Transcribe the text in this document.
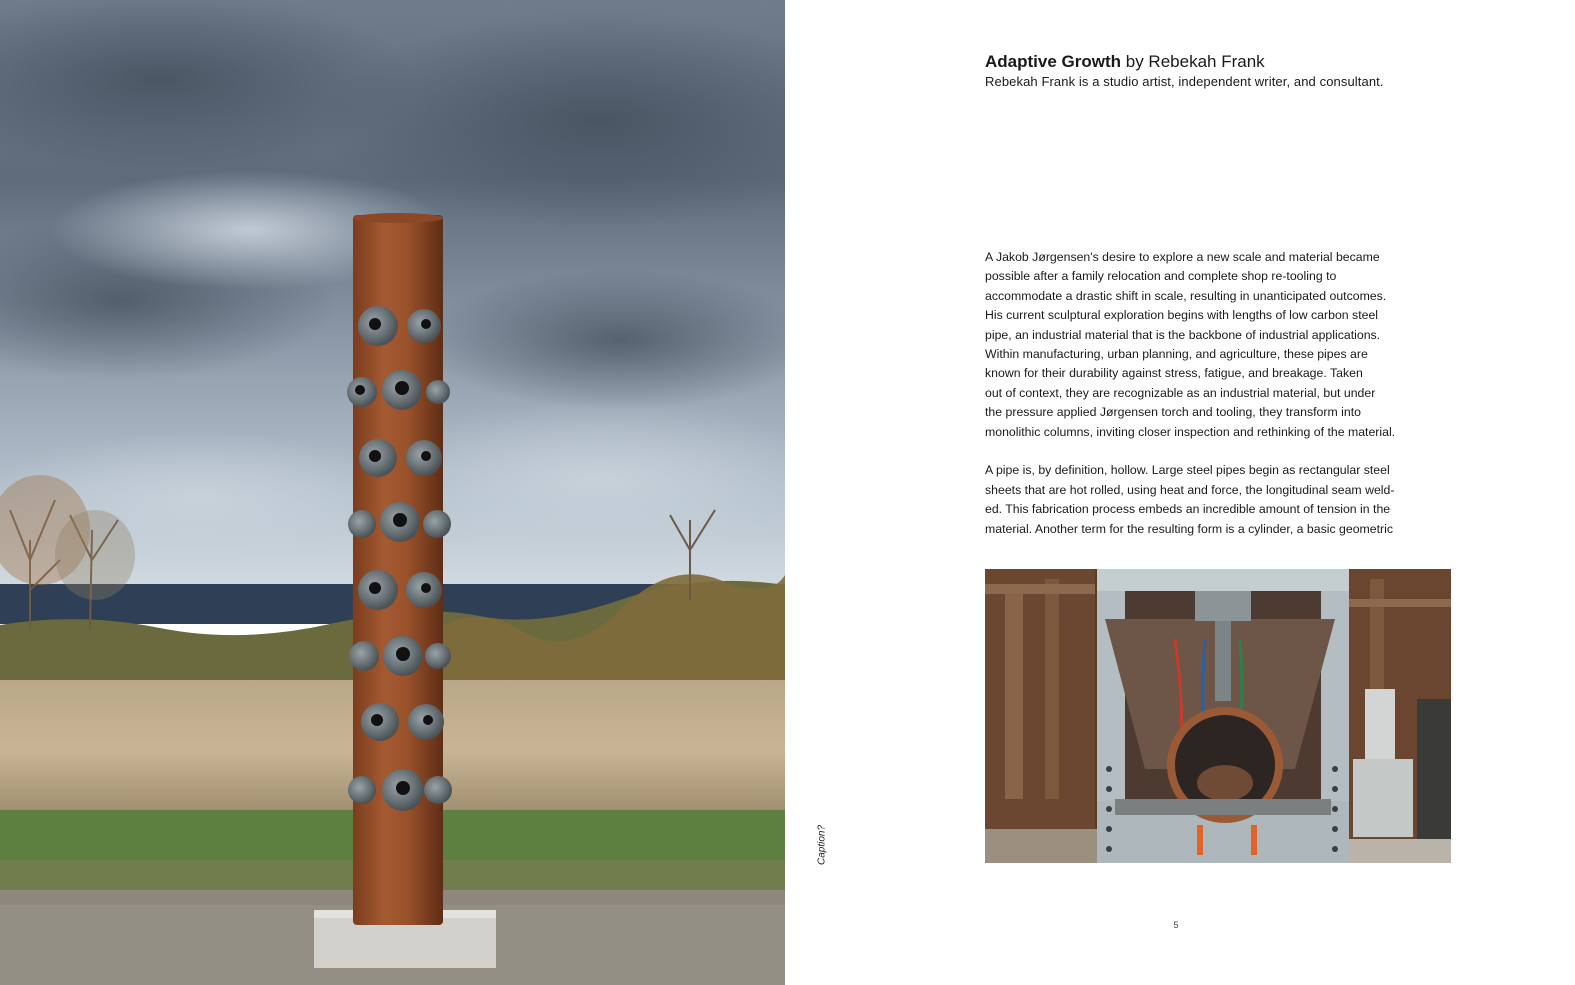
Caption?
Adaptive Growth by Rebekah Frank
Rebekah Frank is a studio artist, independent writer, and consultant.
A Jakob Jørgensen's desire to explore a new scale and material became
possible after a family relocation and complete shop re-tooling to
accommodate a drastic shift in scale, resulting in unanticipated outcomes.
His current sculptural exploration begins with lengths of low carbon steel
pipe, an industrial material that is the backbone of industrial applications.
Within manufacturing, urban planning, and agriculture, these pipes are
known for their durability against stress, fatigue, and breakage. Taken
out of context, they are recognizable as an industrial material, but under
the pressure applied Jørgensen torch and tooling, they transform into
monolithic columns, inviting closer inspection and rethinking of the material.
A pipe is, by definition, hollow. Large steel pipes begin as rectangular steel
sheets that are hot rolled, using heat and force, the longitudinal seam weld-
ed. This fabrication process embeds an incredible amount of tension in the
material. Another term for the resulting form is a cylinder, a basic geometric
5
